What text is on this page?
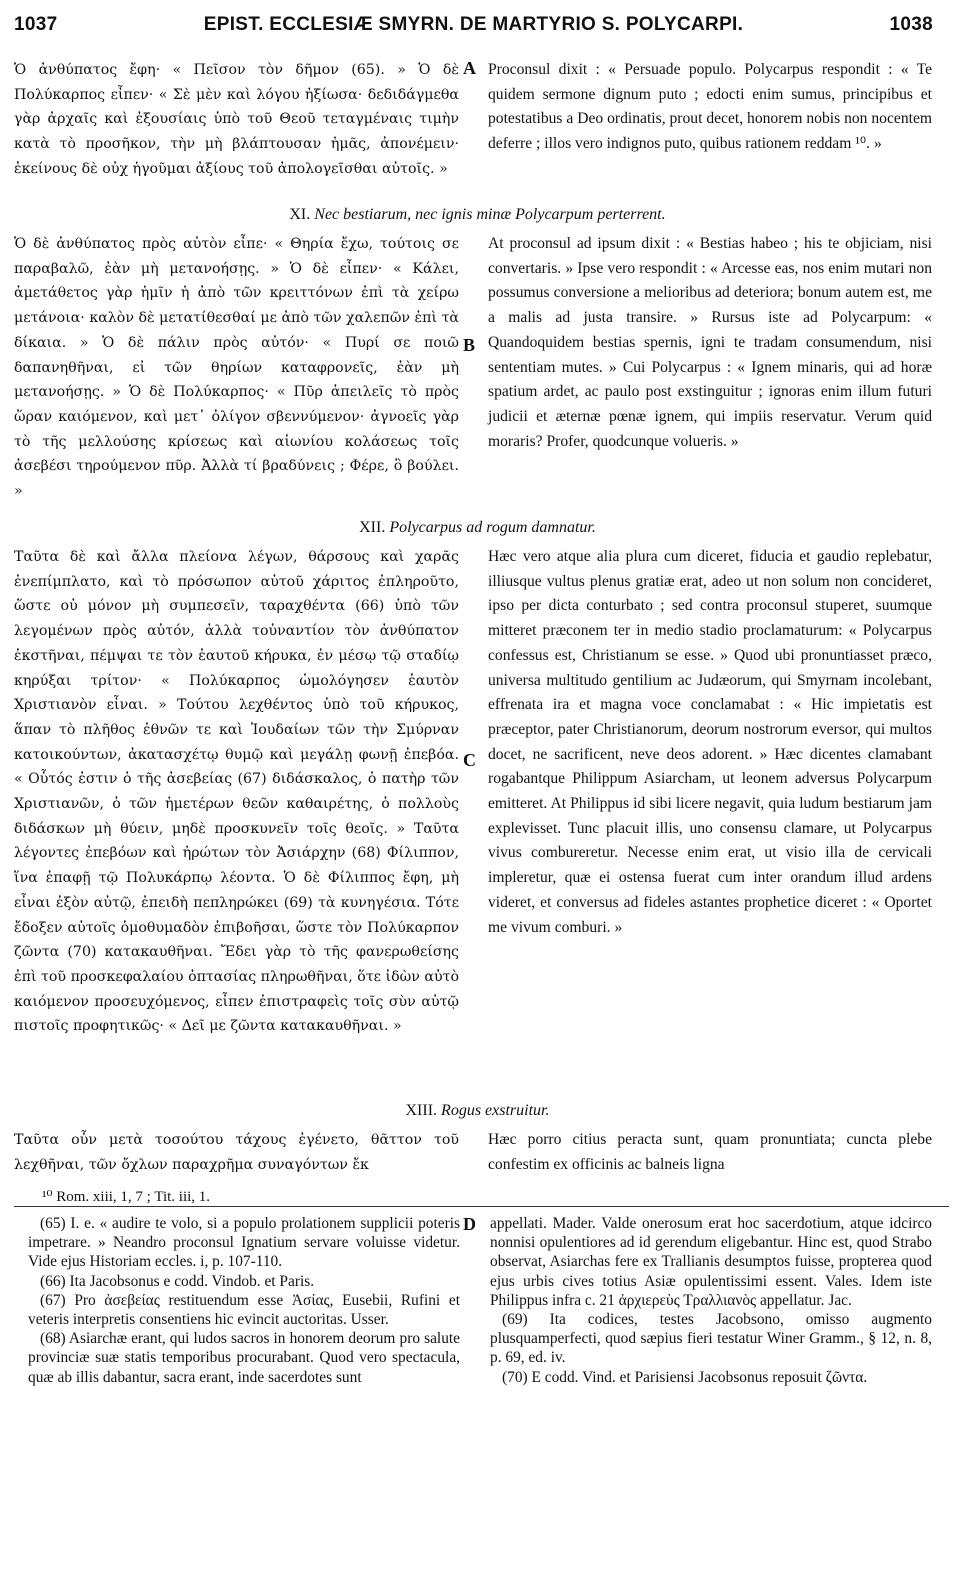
1037	EPIST. ECCLESIÆ SMYRN. DE MARTYRIO S. POLYCARPI.	1038
A
B
C
D
Ὁ ἀνθύπατος ἔφη· « Πεῖσον τὸν δῆμον (65). » Ὁ δὲ Πολύκαρπος εἶπεν· « Σὲ μὲν καὶ λόγου ἠξίωσα· δεδιδάγμεθα γὰρ ἀρχαῖς καὶ ἐξουσίαις ὑπὸ τοῦ Θεοῦ τεταγμέναις τιμὴν κατὰ τὸ προσῆκον, τὴν μὴ βλάπτουσαν ἡμᾶς, ἀπονέμειν· ἐκείνους δὲ οὐχ ἡγοῦμαι ἀξίους τοῦ ἀπολογεῖσθαι αὐτοῖς. »
Proconsul dixit : « Persuade populo. Polycarpus respondit : « Te quidem sermone dignum puto ; edocti enim sumus, principibus et potestatibus a Deo ordinatis, prout decet, honorem nobis non nocentem deferre ; illos vero indignos puto, quibus rationem reddam ¹⁰. »
XI. Nec bestiarum, nec ignis minæ Polycarpum perterrent.
Ὁ δὲ ἀνθύπατος πρὸς αὐτὸν εἶπε· « Θηρία ἔχω, τούτοις σε παραβαλῶ, ἐὰν μὴ μετανοήσῃς. » Ὁ δὲ εἶπεν· « Κάλει, ἀμετάθετος γὰρ ἡμῖν ἡ ἀπὸ τῶν κρειττόνων ἐπὶ τὰ χείρω μετάνοια· καλὸν δὲ μετατίθεσθαί με ἀπὸ τῶν χαλεπῶν ἐπὶ τὰ δίκαια. » Ὁ δὲ πάλιν πρὸς αὐτόν· « Πυρί σε ποιῶ δαπανηθῆναι, εἰ τῶν θηρίων καταφρονεῖς, ἐὰν μὴ μετανοήσῃς. » Ὁ δὲ Πολύκαρπος· « Πῦρ ἀπειλεῖς τὸ πρὸς ὥραν καιόμενον, καὶ μετ᾽ ὀλίγον σβεννύμενον· ἀγνοεῖς γὰρ τὸ τῆς μελλούσης κρίσεως καὶ αἰωνίου κολάσεως τοῖς ἀσεβέσι τηρούμενον πῦρ. Ἀλλὰ τί βραδύνεις ; Φέρε, ὃ βούλει. »
At proconsul ad ipsum dixit : « Bestias habeo ; his te objiciam, nisi convertaris. » Ipse vero respondit : « Arcesse eas, nos enim mutari non possumus conversione a melioribus ad deteriora; bonum autem est, me a malis ad justa transire. » Rursus iste ad Polycarpum: « Quandoquidem bestias spernis, igni te tradam consumendum, nisi sententiam mutes. » Cui Polycarpus : « Ignem minaris, qui ad horæ spatium ardet, ac paulo post exstinguitur ; ignoras enim illum futuri judicii et æternæ pœnæ ignem, qui impiis reservatur. Verum quid moraris? Profer, quodcunque volueris. »
XII. Polycarpus ad rogum damnatur.
Ταῦτα δὲ καὶ ἄλλα πλείονα λέγων, θάρσους καὶ χαρᾶς ἐνεπίμπλατο, καὶ τὸ πρόσωπον αὐτοῦ χάριτος ἐπληροῦτο, ὥστε οὐ μόνον μὴ συμπεσεῖν, ταραχθέντα (66) ὑπὸ τῶν λεγομένων πρὸς αὐτόν, ἀλλὰ τοὐναντίον τὸν ἀνθύπατον ἐκστῆναι, πέμψαι τε τὸν ἑαυτοῦ κήρυκα, ἐν μέσῳ τῷ σταδίῳ κηρύξαι τρίτον· « Πολύκαρπος ὡμολόγησεν ἑαυτὸν Χριστιανὸν εἶναι. » Τούτου λεχθέντος ὑπὸ τοῦ κήρυκος, ἅπαν τὸ πλῆθος ἐθνῶν τε καὶ Ἰουδαίων τῶν τὴν Σμύρναν κατοικούντων, ἀκατασχέτῳ θυμῷ καὶ μεγάλῃ φωνῇ ἐπεβόα. « Οὗτός ἐστιν ὁ τῆς ἀσεβείας (67) διδάσκαλος, ὁ πατὴρ τῶν Χριστιανῶν, ὁ τῶν ἡμετέρων θεῶν καθαιρέτης, ὁ πολλοὺς διδάσκων μὴ θύειν, μηδὲ προσκυνεῖν τοῖς θεοῖς. » Ταῦτα λέγοντες ἐπεβόων καὶ ἠρώτων τὸν Ἀσιάρχην (68) Φίλιππον, ἵνα ἐπαφῇ τῷ Πολυκάρπῳ λέοντα. Ὁ δὲ Φίλιππος ἔφη, μὴ εἶναι ἐξὸν αὐτῷ, ἐπειδὴ πεπληρώκει (69) τὰ κυνηγέσια. Τότε ἔδοξεν αὐτοῖς ὁμοθυμαδὸν ἐπιβοῆσαι, ὥστε τὸν Πολύκαρπον ζῶντα (70) κατακαυθῆναι. Ἔδει γὰρ τὸ τῆς φανερωθείσης ἐπὶ τοῦ προσκεφαλαίου ὀπτασίας πληρωθῆναι, ὅτε ἰδὼν αὐτὸ καιόμενον προσευχόμενος, εἶπεν ἐπιστραφεὶς τοῖς σὺν αὐτῷ πιστοῖς προφητικῶς· « Δεῖ με ζῶντα κατακαυθῆναι. »
Hæc vero atque alia plura cum diceret, fiducia et gaudio replebatur, illiusque vultus plenus gratiæ erat, adeo ut non solum non concideret, ipso per dicta conturbato ; sed contra proconsul stuperet, suumque mitteret præconem ter in medio stadio proclamaturum: « Polycarpus confessus est, Christianum se esse. » Quod ubi pronuntiasset præco, universa multitudo gentilium ac Judæorum, qui Smyrnam incolebant, effrenata ira et magna voce conclamabat : « Hic impietatis est præceptor, pater Christianorum, deorum nostrorum eversor, qui multos docet, ne sacrificent, neve deos adorent. » Hæc dicentes clamabant rogabantque Philippum Asiarcham, ut leonem adversus Polycarpum emitteret. At Philippus id sibi licere negavit, quia ludum bestiarum jam explevisset. Tunc placuit illis, uno consensu clamare, ut Polycarpus vivus combureretur. Necesse enim erat, ut visio illa de cervicali impleretur, quæ ei ostensa fuerat cum inter orandum illud ardens videret, et conversus ad fideles astantes prophetice diceret : « Oportet me vivum comburi. »
XIII. Rogus exstruitur.
Ταῦτα οὖν μετὰ τοσούτου τάχους ἐγένετο, θᾶττον τοῦ λεχθῆναι, τῶν ὄχλων παραχρῆμα συναγόντων ἔκ
Hæc porro citius peracta sunt, quam pronuntiata; cuncta plebe confestim ex officinis ac balneis ligna
¹⁰ Rom. xiii, 1, 7 ; Tit. iii, 1.

(65) I. e. « audire te volo, si a populo prolationem supplicii poteris impetrare. » Neandro proconsul Ignatium servare voluisse videtur. Vide ejus Historiam eccles. i, p. 107-110.

(66) Ita Jacobsonus e codd. Vindob. et Paris.

(67) Pro ἀσεβείας restituendum esse Ἀσίας, Eusebii, Rufini et veteris interpretis consentiens hic evincit auctoritas. Usser.

(68) Asiarchæ erant, qui ludos sacros in honorem deorum pro salute provinciæ suæ statis temporibus procurabant. Quod vero spectacula, quæ ab illis dabantur, sacra erant, inde sacerdotes sunt

appellati. Mader. Valde onerosum erat hoc sacerdotium, atque idcirco nonnisi opulentiores ad id gerendum eligebantur. Hinc est, quod Strabo observat, Asiarchas fere ex Trallianis desumptos fuisse, propterea quod ejus urbis cives totius Asiæ opulentissimi essent. Vales. Idem iste Philippus infra c. 21 ἀρχιερεὺς Τραλλιανὸς appellatur. Jac.

(69) Ita codices, testes Jacobsono, omisso augmento plusquamperfecti, quod sæpius fieri testatur Winer Gramm., § 12, n. 8, p. 69, ed. iv.

(70) E codd. Vind. et Parisiensi Jacobsonus reposuit ζῶντα.
